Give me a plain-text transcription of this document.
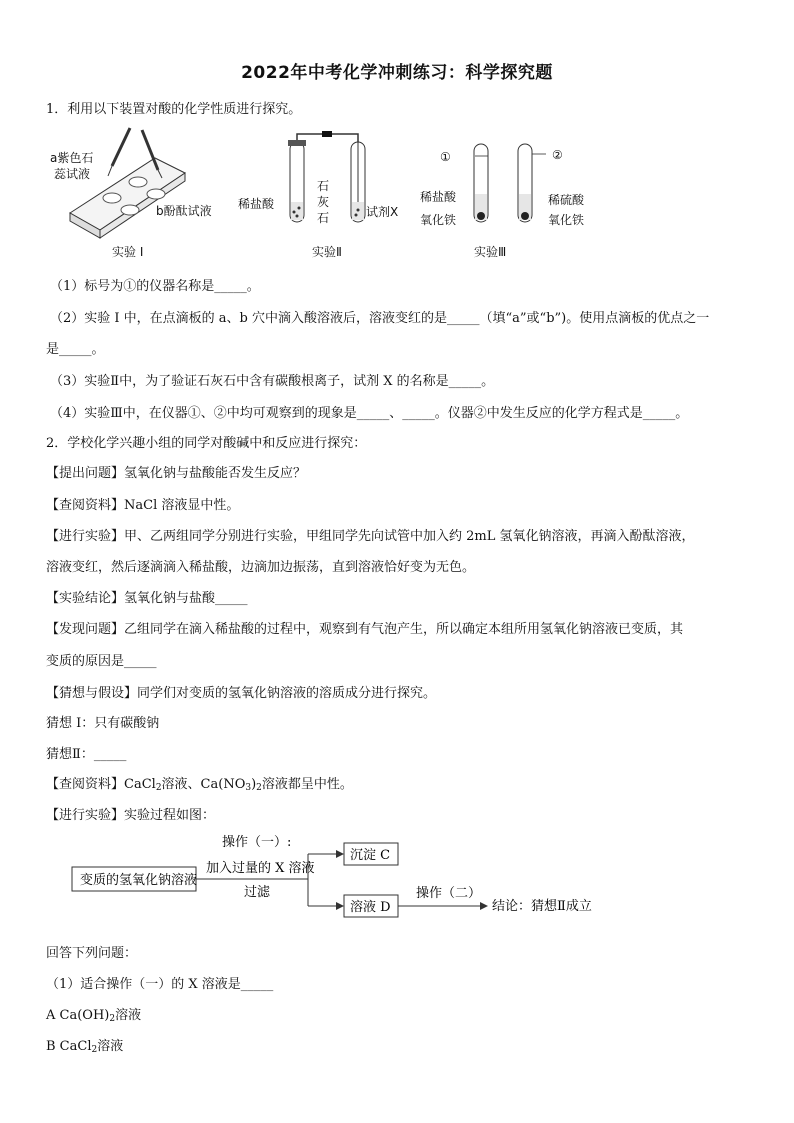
2022年中考化学冲刺练习：科学探究题
1．利用以下装置对酸的化学性质进行探究。
a紫色石
蕊试液
b酚酞试液
实验 I
稀盐酸
石
灰
石	试剂X
实验Ⅱ
①	②
稀盐酸
氧化铁
稀硫酸
氧化铁
实验Ⅲ
（1）标号为①的仪器名称是_____。
（2）实验 I 中，在点滴板的 a、b 穴中滴入酸溶液后，溶液变红的是_____（填“a”或“b”)。使用点滴板的优点之一
是_____。
（3）实验Ⅱ中，为了验证石灰石中含有碳酸根离子，试剂 X 的名称是_____。
（4）实验Ⅲ中，在仪器①、②中均可观察到的现象是_____、_____。仪器②中发生反应的化学方程式是_____。
2．学校化学兴趣小组的同学对酸碱中和反应进行探究：
【提出问题】氢氧化钠与盐酸能否发生反应？
【查阅资料】NaCl 溶液显中性。
【进行实验】甲、乙两组同学分别进行实验，甲组同学先向试管中加入约 2mL 氢氧化钠溶液，再滴入酚酞溶液，
溶液变红，然后逐滴滴入稀盐酸，边滴加边振荡，直到溶液恰好变为无色。
【实验结论】氢氧化钠与盐酸_____
【发现问题】乙组同学在滴入稀盐酸的过程中，观察到有气泡产生，所以确定本组所用氢氧化钠溶液已变质，其
变质的原因是_____
【猜想与假设】同学们对变质的氢氧化钠溶液的溶质成分进行探究。
猜想 I：只有碳酸钠
猜想Ⅱ：_____
【查阅资料】CaCl$_2$溶液、$Ca(NO_3)_2$溶液都呈中性。
【进行实验】实验过程如图：
变质的氢氧化钠溶液
操作（一）:
加入过量的 X 溶液
过滤
沉淀 C
溶液 D
操作（二）
结论：猜想Ⅱ成立
回答下列问题：
（1）适合操作（一）的 X 溶液是_____
A $Ca(OH)_2$溶液
B CaCl$_2$溶液
